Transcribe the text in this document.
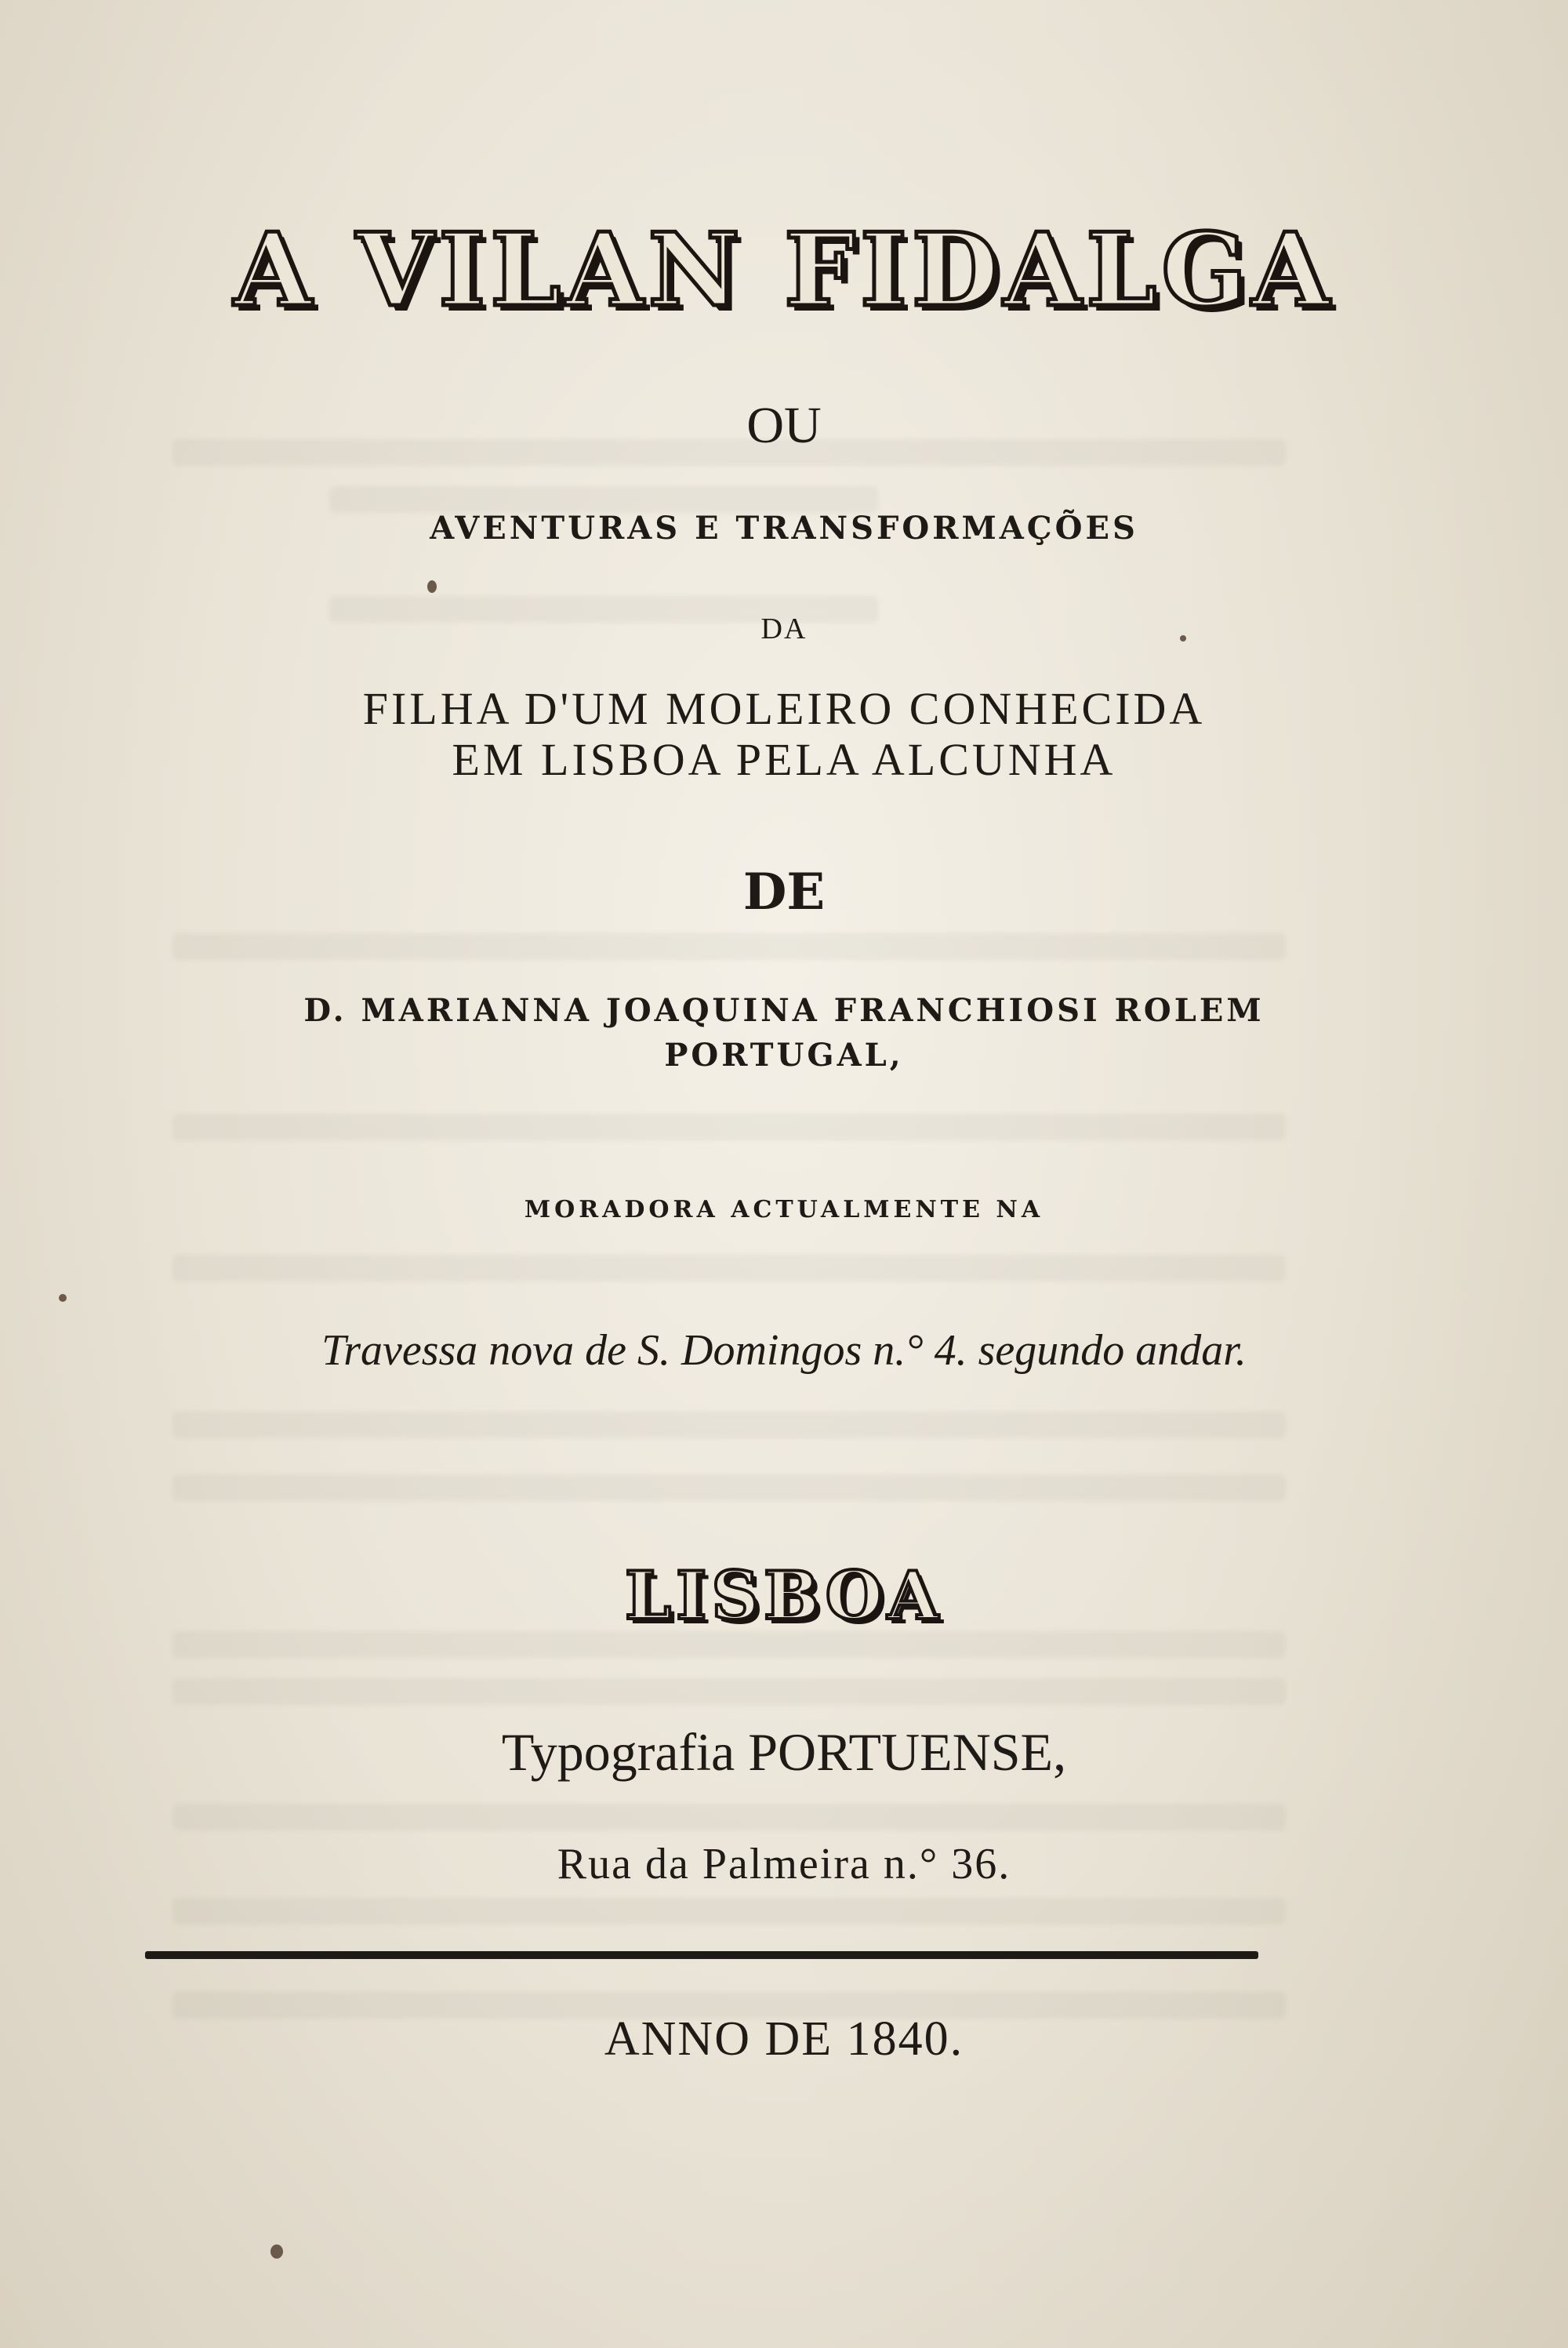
A VILAN FIDALGA
OU
AVENTURAS E TRANSFORMAÇÕES
DA
FILHA D'UM MOLEIRO CONHECIDA
EM LISBOA PELA ALCUNHA
DE
D. MARIANNA JOAQUINA FRANCHIOSI ROLEM
PORTUGAL,
MORADORA ACTUALMENTE NA
Travessa nova de S. Domingos n.° 4. segundo andar.
LISBOA
Typografia PORTUENSE,
Rua da Palmeira n.° 36.
ANNO DE 1840.
